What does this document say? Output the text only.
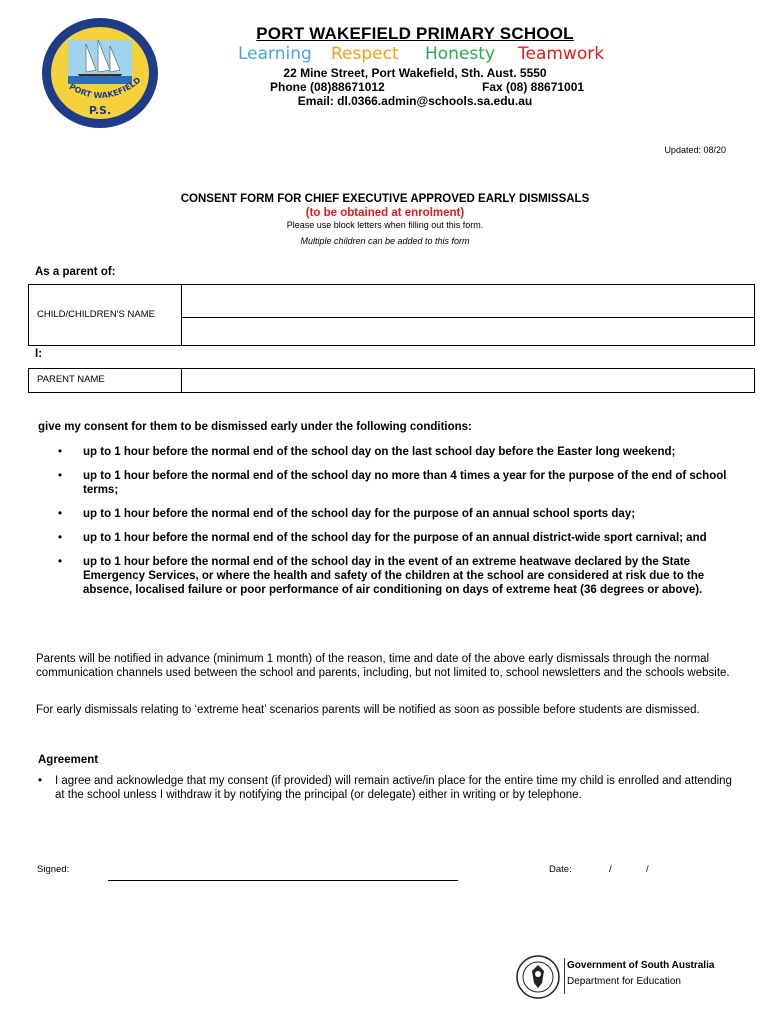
PORT WAKEFIELD
P.S.
PORT WAKEFIELD PRIMARY SCHOOL
Learning Respect Honesty Teamwork
22 Mine Street, Port Wakefield, Sth. Aust. 5550
Phone (08)88671012	Fax (08) 88671001
Email: dl.0366.admin@schools.sa.edu.au
Updated: 08/20
CONSENT FORM FOR CHIEF EXECUTIVE APPROVED EARLY DISMISSALS
(to be obtained at enrolment)
Please use block letters when filling out this form.
Multiple children can be added to this form
As a parent of:
CHILD/CHILDREN'S NAME
I:
PARENT NAME
give my consent for them to be dismissed early under the following conditions:
• up to 1 hour before the normal end of the school day on the last school day before the Easter long weekend;
• up to 1 hour before the normal end of the school day no more than 4 times a year for the purpose of the end of school terms;
• up to 1 hour before the normal end of the school day for the purpose of an annual school sports day;
• up to 1 hour before the normal end of the school day for the purpose of an annual district-wide sport carnival; and
• up to 1 hour before the normal end of the school day in the event of an extreme heatwave declared by the State Emergency Services, or where the health and safety of the children at the school are considered at risk due to the absence, localised failure or poor performance of air conditioning on days of extreme heat (36 degrees or above).
Parents will be notified in advance (minimum 1 month) of the reason, time and date of the above early dismissals through the normal communication channels used between the school and parents, including, but not limited to, school newsletters and the schools website.
For early dismissals relating to ‘extreme heat’ scenarios parents will be notified as soon as possible before students are dismissed.
Agreement
• I agree and acknowledge that my consent (if provided) will remain active/in place for the entire time my child is enrolled and attending at the school unless I withdraw it by notifying the principal (or delegate) either in writing or by telephone.
Signed:	Date:	/	/
Government of South Australia
Department for Education
